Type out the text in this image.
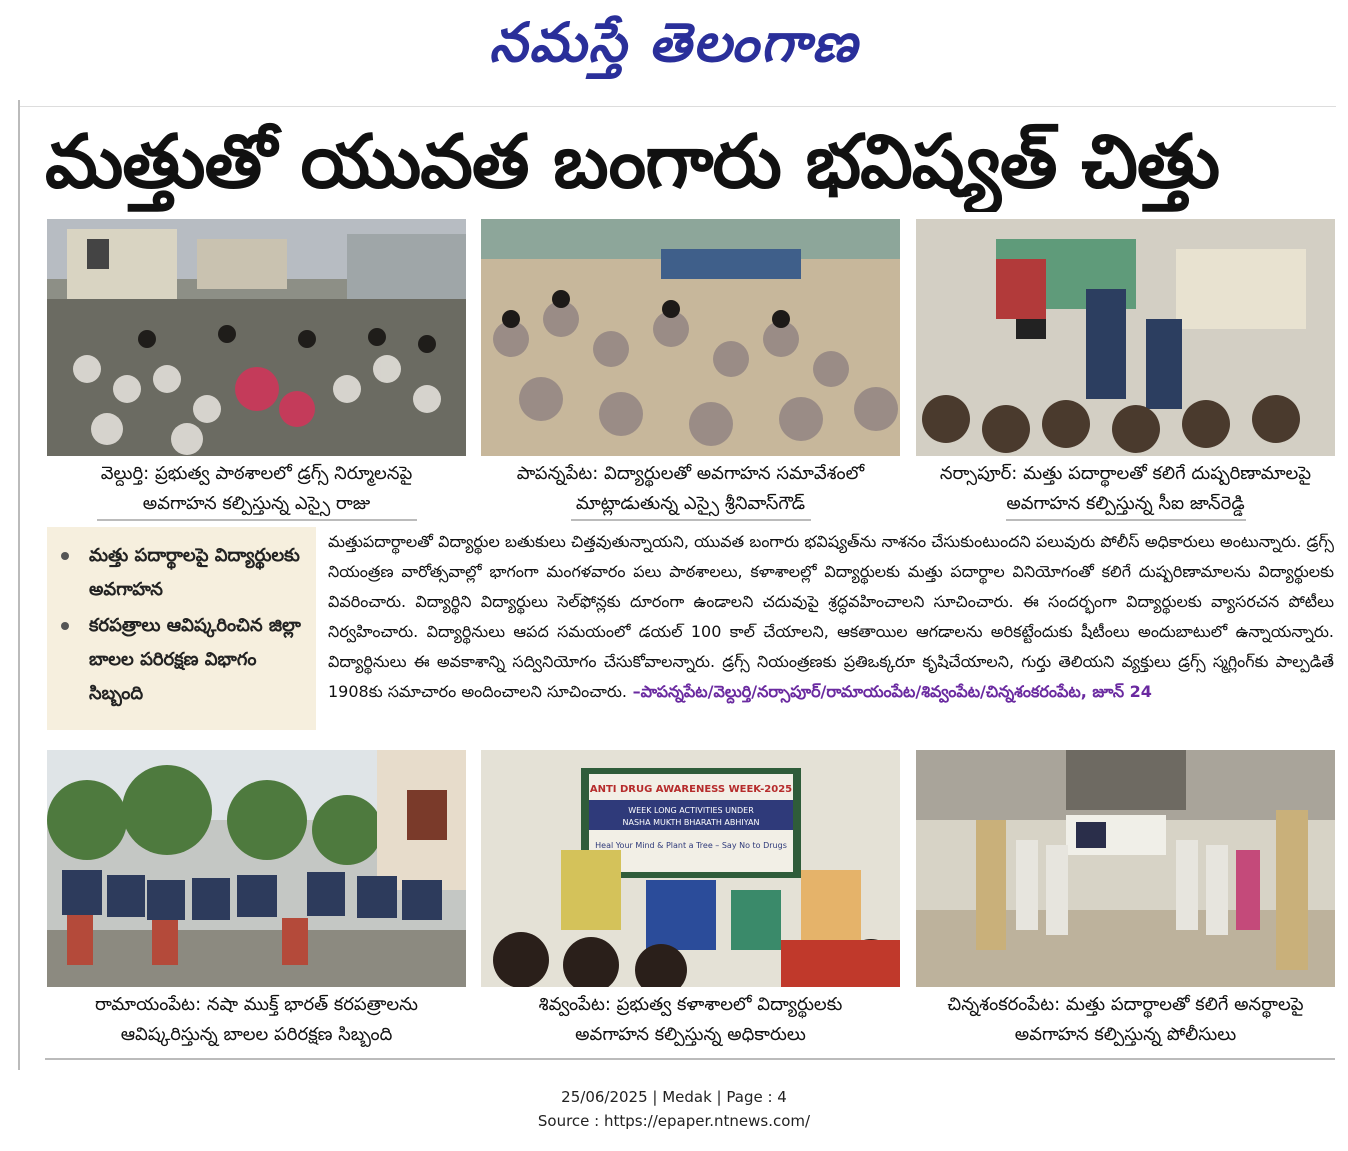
నమస్తే తెలంగాణ
మత్తుతో యువత బంగారు భవిష్యత్ చిత్తు
వెల్దుర్తి: ప్రభుత్వ పాఠశాలలో డ్రగ్స్ నిర్మూలనపై
అవగాహన కల్పిస్తున్న ఎస్సై రాజు
పాపన్నపేట: విద్యార్థులతో అవగాహన సమావేశంలో
మాట్లాడుతున్న ఎస్సై శ్రీనివాస్‌గౌడ్
నర్సాపూర్: మత్తు పదార్థాలతో కలిగే దుష్పరిణామాలపై
అవగాహన కల్పిస్తున్న సీఐ జాన్‌రెడ్డి
మత్తు పదార్థాలపై విద్యార్థులకు అవగాహన
కరపత్రాలు ఆవిష్కరించిన జిల్లా బాలల పరిరక్షణ విభాగం సిబ్బంది
మత్తుపదార్థాలతో విద్యార్థుల బతుకులు చిత్తవుతున్నాయని, యువత బంగారు భవిష్యత్‌ను నాశనం చేసుకుంటుందని పలువురు పోలీస్ అధికారులు అంటున్నారు. డ్రగ్స్ నియంత్రణ వారోత్సవాల్లో భాగంగా మంగళవారం పలు పాఠశాలలు, కళాశాలల్లో విద్యార్థులకు మత్తు పదార్థాల వినియోగంతో కలిగే దుష్పరిణామాలను విద్యార్థులకు వివరించారు. విద్యార్థిని విద్యార్థులు సెల్‌ఫోన్లకు దూరంగా ఉండాలని చదువుపై శ్రద్ధవహించాలని సూచించారు. ఈ సందర్భంగా విద్యార్థులకు వ్యాసరచన పోటీలు నిర్వహించారు. విద్యార్థినులు ఆపద సమయంలో డయల్ 100 కాల్ చేయాలని, ఆకతాయిల ఆగడాలను అరికట్టేందుకు షీటీంలు అందుబాటులో ఉన్నాయన్నారు. విద్యార్థినులు ఈ అవకాశాన్ని సద్వినియోగం చేసుకోవాలన్నారు. డ్రగ్స్ నియంత్రణకు ప్రతిఒక్కరూ కృషిచేయాలని, గుర్తు తెలియని వ్యక్తులు డ్రగ్స్ స్మగ్లింగ్‌కు పాల్పడితే 1908కు సమాచారం అందించాలని సూచించారు. –పాపన్నపేట/వెల్దుర్తి/నర్సాపూర్/రామాయంపేట/శివ్వంపేట/చిన్నశంకరంపేట, జూన్ 24
రామాయంపేట: నషా ముక్త్ భారత్ కరపత్రాలను
ఆవిష్కరిస్తున్న బాలల పరిరక్షణ సిబ్బంది
ANTI DRUG AWARENESS WEEK-2025
WEEK LONG ACTIVITIES UNDER
NASHA MUKTH BHARATH ABHIYAN
Heal Your Mind & Plant a Tree – Say No to Drugs
శివ్వంపేట: ప్రభుత్వ కళాశాలలో విద్యార్థులకు
అవగాహన కల్పిస్తున్న అధికారులు
చిన్నశంకరంపేట: మత్తు పదార్థాలతో కలిగే అనర్థాలపై
అవగాహన కల్పిస్తున్న పోలీసులు
25/06/2025 | Medak | Page : 4
Source : https://epaper.ntnews.com/
